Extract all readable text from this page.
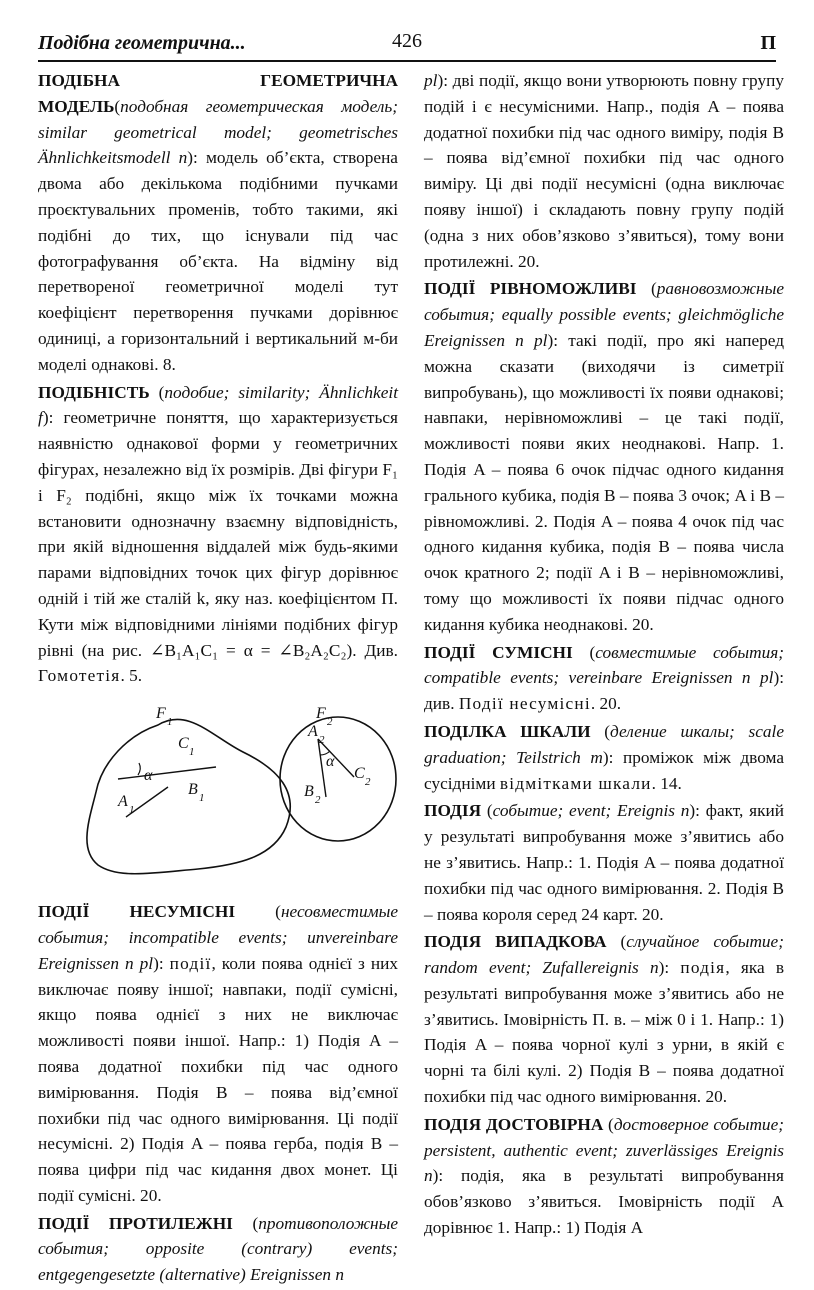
Подібна геометрична...	426	П

ПОДІБНА ГЕОМЕТРИЧНА МОДЕЛЬ(подобная геометрическая модель; similar geometrical model; geometrisches Ähnlichkeitsmodell n): модель об’єкта, створена двома або декількома подібними пучками проєктувальних променів, тобто такими, які подібні до тих, що існували під час фотографування об’єкта. На відміну від перетвореної геометричної моделі тут коефіцієнт перетворення пучками дорівнює одиниці, а горизонтальний і вертикальний м-би моделі однакові. 8.

ПОДІБНІСТЬ (подобие; similarity; Ähnlichkeit f): геометричне поняття, що характеризується наявністю однакової форми у геометричних фігурах, незалежно від їх розмірів. Дві фігури F₁ і F₂ подібні, якщо між їх точками можна встановити однозначну взаємну відповідність, при якій відношення віддалей між будь-якими парами відповідних точок цих фігур дорівнює одній і тій же сталій k, яку наз. коефіцієнтом П. Кути між відповідними лініями подібних фігур рівні (на рис. ∠B₁A₁C₁ = α = ∠B₂A₂C₂). Див. Гомотетія. 5.

F 1	F 2
C 1
α
A 1
B 1
A 2
α
C 2
B 2

ПОДІЇ НЕСУМІСНІ (несовместимые события; incompatible events; unvereinbare Ereignissen n pl): події, коли поява однієї з них виключає появу іншої; навпаки, події сумісні, якщо поява однієї з них не виключає можливості появи іншої. Напр.: 1) Подія A – поява додатної похибки під час одного вимірювання. Подія B – поява від’ємної похибки під час одного вимірювання. Ці події несумісні. 2) Подія A – поява герба, подія B – поява цифри під час кидання двох монет. Ці події сумісні. 20.

ПОДІЇ ПРОТИЛЕЖНІ (противоположные события; opposite (contrary) events; entgegengesetzte (alternative) Ereignissen n

pl): дві події, якщо вони утворюють повну групу подій і є несумісними. Напр., подія A – поява додатної похибки під час одного виміру, подія B – поява від’ємної похибки під час одного виміру. Ці дві події несумісні (одна виключає появу іншої) і складають повну групу подій (одна з них обов’язково з’явиться), тому вони протилежні. 20.

ПОДІЇ РІВНОМОЖЛИВІ (равновозможные события; equally possible events; gleichmögliche Ereignissen n pl): такі події, про які наперед можна сказати (виходячи із симетрії випробувань), що можливості їх появи однакові; навпаки, нерівноможливі – це такі події, можливості появи яких неоднакові. Напр. 1. Подія A – поява 6 очок підчас одного кидання грального кубика, подія B – поява 3 очок; A і B – рівноможливі. 2. Подія A – поява 4 очок під час одного кидання кубика, подія B – поява числа очок кратного 2; події A і B – нерівноможливі, тому що можливості їх появи підчас одного кидання кубика неоднакові. 20.

ПОДІЇ СУМІСНІ (совместимые события; compatible events; vereinbare Ereignissen n pl): див. Події несумісні. 20.

ПОДІЛКА ШКАЛИ (деление шкалы; scale graduation; Teilstrich m): проміжок між двома сусідніми відмітками шкали. 14.

ПОДІЯ (событие; event; Ereignis n): факт, який у результаті випробування може з’явитись або не з’явитись. Напр.: 1. Подія A – поява додатної похибки під час одного вимірювання. 2. Подія B – поява короля серед 24 карт. 20.

ПОДІЯ ВИПАДКОВА (случайное событие; random event; Zufallereignis n): подія, яка в результаті випробування може з’явитись або не з’явитись. Імовірність П. в. – між 0 і 1. Напр.: 1) Подія A – поява чорної кулі з урни, в якій є чорні та білі кулі. 2) Подія B – поява додатної похибки під час одного вимірювання. 20.

ПОДІЯ ДОСТОВІРНА (достоверное событие; persistent, authentic event; zuverlässiges Ereignis n): подія, яка в результаті випробування обов’язково з’явиться. Імовірність події A дорівнює 1. Напр.: 1) Подія A
